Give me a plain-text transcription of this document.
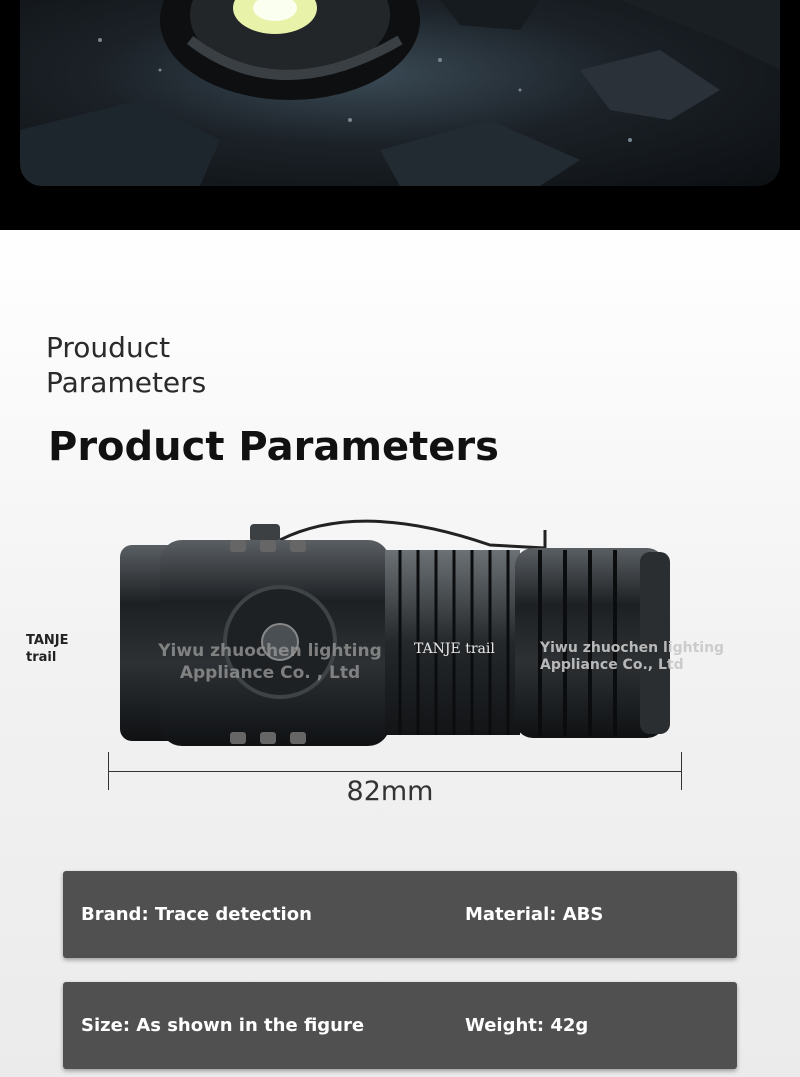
Prouduct
Parameters
Product Parameters
TANJE trail	Yiwu zhuochen lighting Appliance Co. , Ltd
TANJE trail	Yiwu zhuochen lighting Appliance Co., Ltd
82mm
Brand: Trace detection	Material: ABS
Size: As shown in the figure	Weight: 42g
